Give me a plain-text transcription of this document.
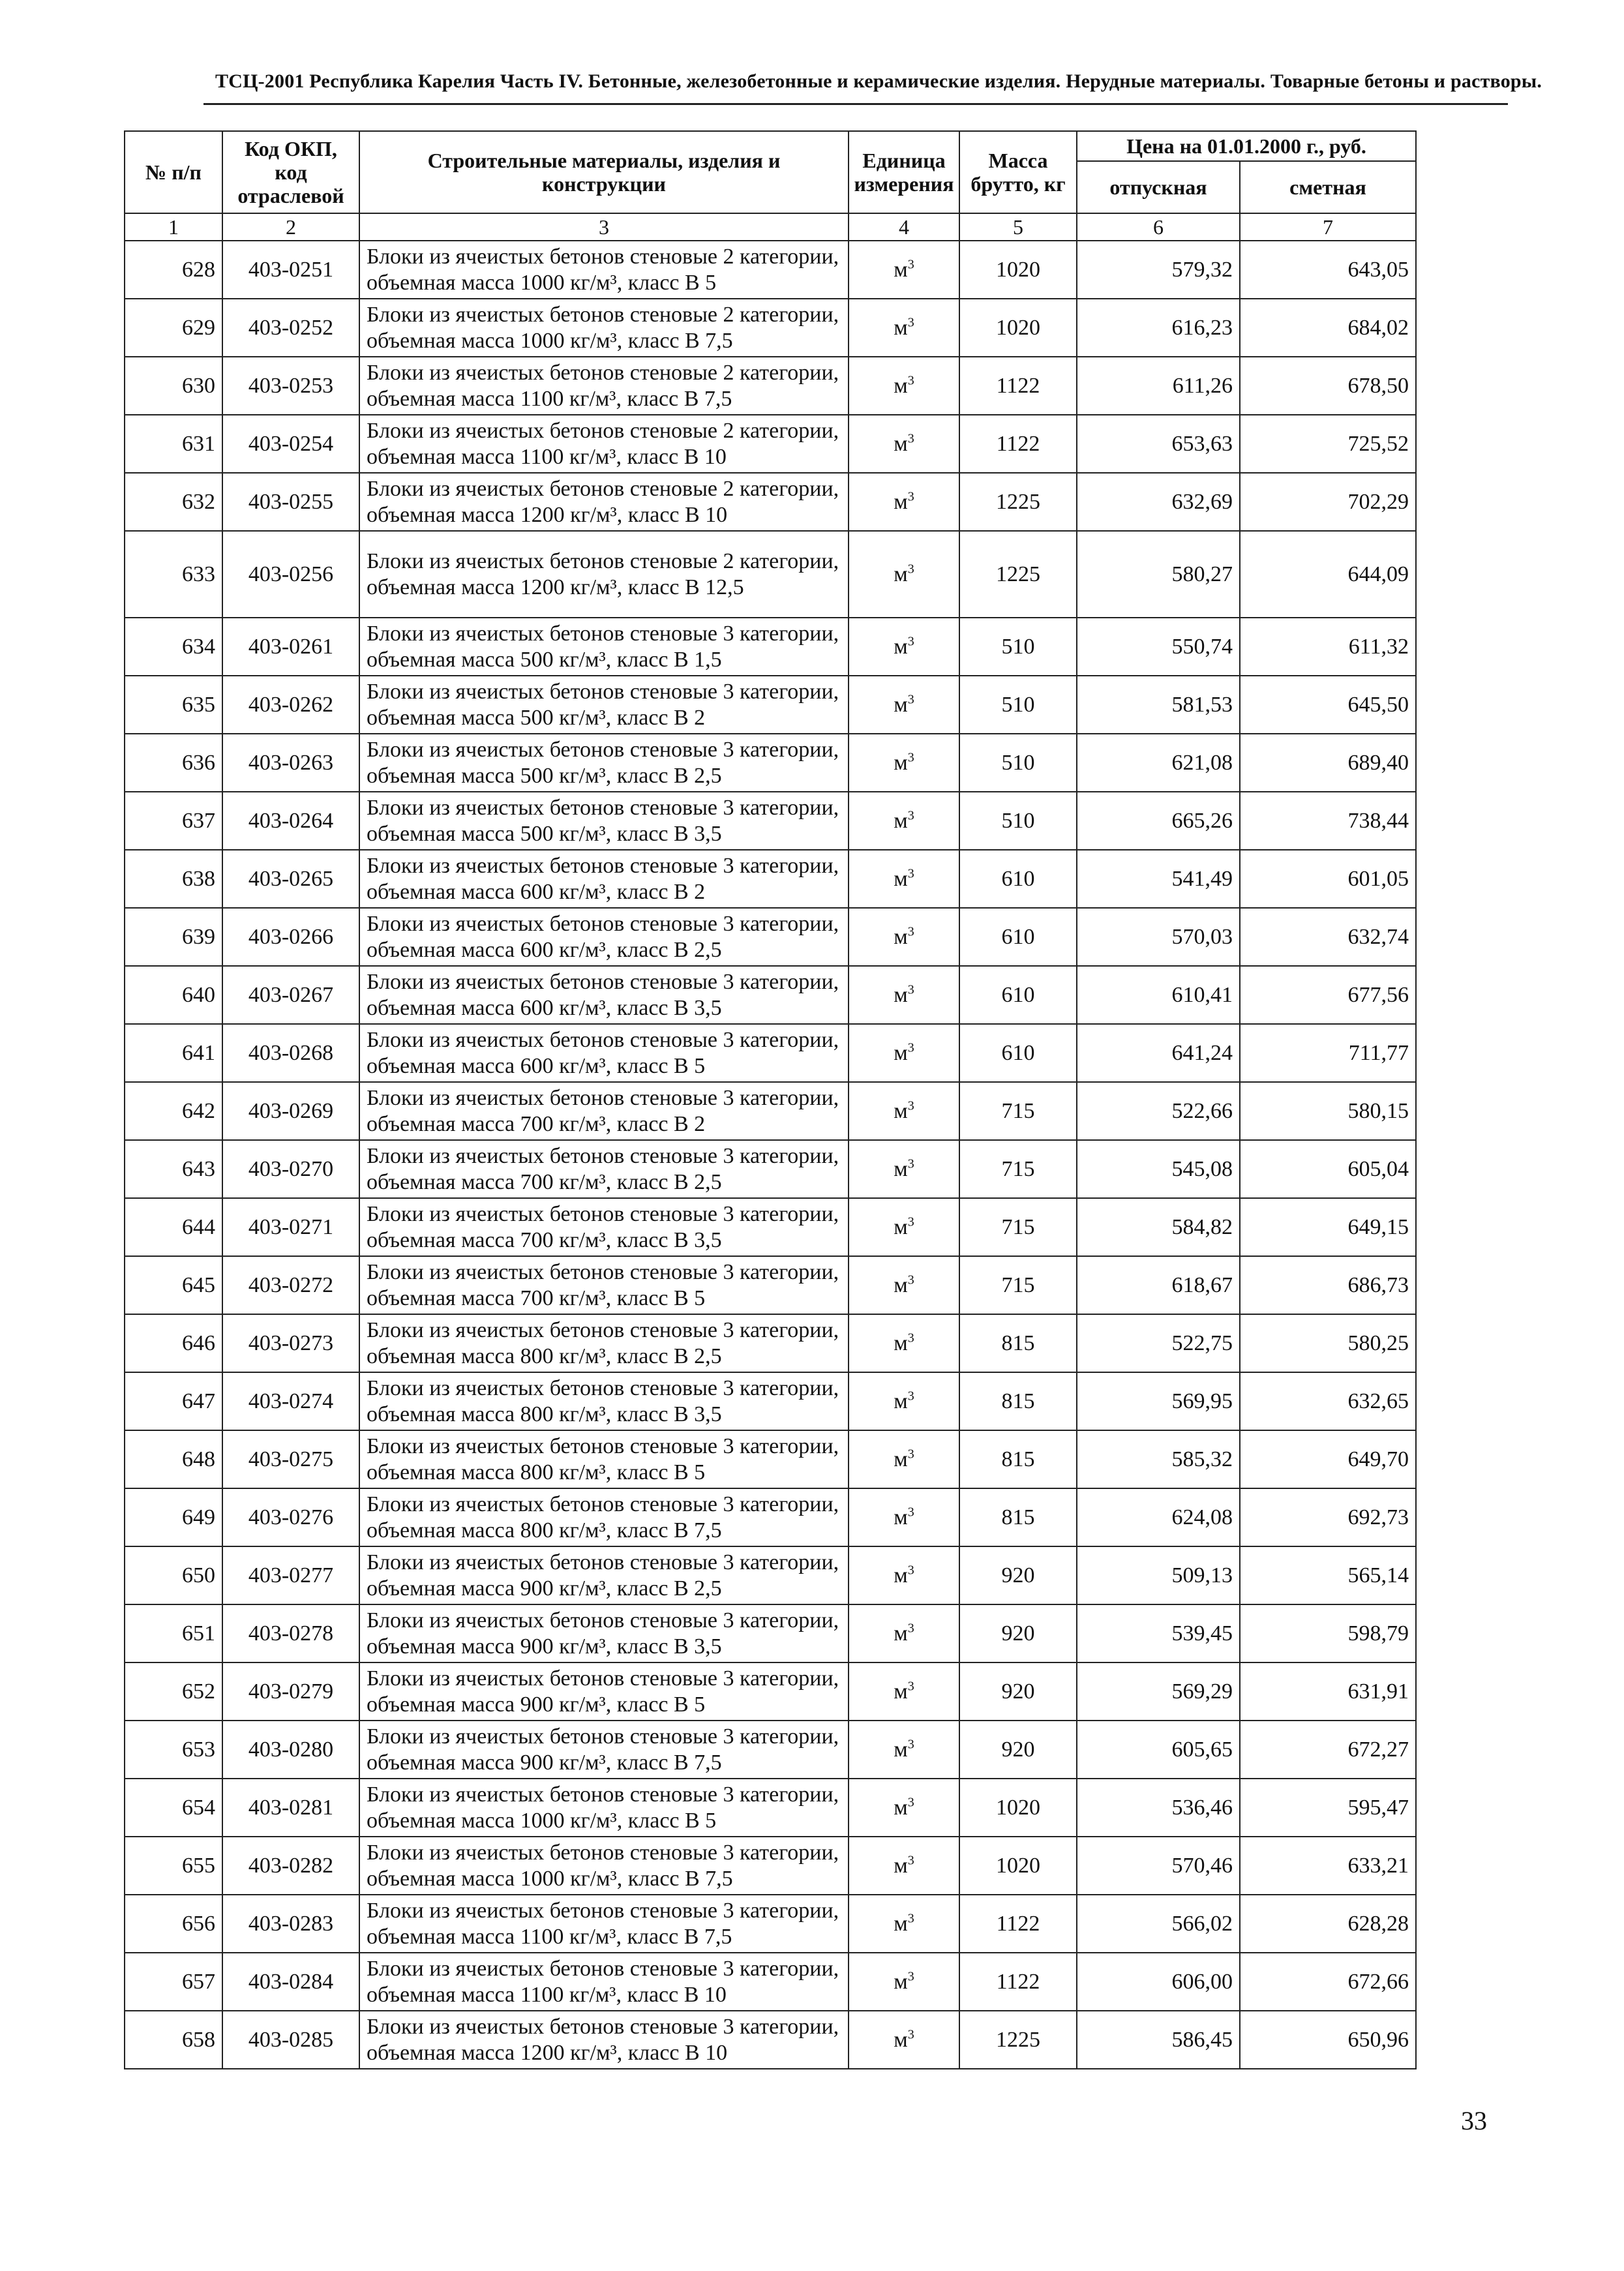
ТСЦ-2001 Республика Карелия Часть IV. Бетонные, железобетонные и керамические изделия. Нерудные материалы. Товарные бетоны и растворы.
№ п/п	Код ОКП, код отраслевой	Строительные материалы, изделия и конструкции	Единица измерения	Масса брутто, кг	Цена на 01.01.2000 г., руб.	
					отпускная	сметная
1	2	3	4	5	6	7
628	403-0251	Блоки из ячеистых бетонов стеновые 2 категории, объемная масса 1000 кг/м³, класс В 5	$м^3$	1020	579,32	643,05
629	403-0252	Блоки из ячеистых бетонов стеновые 2 категории, объемная масса 1000 кг/м³, класс В 7,5	$м^3$	1020	616,23	684,02
630	403-0253	Блоки из ячеистых бетонов стеновые 2 категории, объемная масса 1100 кг/м³, класс В 7,5	$м^3$	1122	611,26	678,50
631	403-0254	Блоки из ячеистых бетонов стеновые 2 категории, объемная масса 1100 кг/м³, класс В 10	$м^3$	1122	653,63	725,52
632	403-0255	Блоки из ячеистых бетонов стеновые 2 категории, объемная масса 1200 кг/м³, класс В 10	$м^3$	1225	632,69	702,29
633	403-0256	Блоки из ячеистых бетонов стеновые 2 категории, объемная масса 1200 кг/м³, класс В 12,5	$м^3$	1225	580,27	644,09
634	403-0261	Блоки из ячеистых бетонов стеновые 3 категории, объемная масса 500 кг/м³, класс В 1,5	$м^3$	510	550,74	611,32
635	403-0262	Блоки из ячеистых бетонов стеновые 3 категории, объемная масса 500 кг/м³, класс В 2	$м^3$	510	581,53	645,50
636	403-0263	Блоки из ячеистых бетонов стеновые 3 категории, объемная масса 500 кг/м³, класс В 2,5	$м^3$	510	621,08	689,40
637	403-0264	Блоки из ячеистых бетонов стеновые 3 категории, объемная масса 500 кг/м³, класс В 3,5	$м^3$	510	665,26	738,44
638	403-0265	Блоки из ячеистых бетонов стеновые 3 категории, объемная масса 600 кг/м³, класс В 2	$м^3$	610	541,49	601,05
639	403-0266	Блоки из ячеистых бетонов стеновые 3 категории, объемная масса 600 кг/м³, класс В 2,5	$м^3$	610	570,03	632,74
640	403-0267	Блоки из ячеистых бетонов стеновые 3 категории, объемная масса 600 кг/м³, класс В 3,5	$м^3$	610	610,41	677,56
641	403-0268	Блоки из ячеистых бетонов стеновые 3 категории, объемная масса 600 кг/м³, класс В 5	$м^3$	610	641,24	711,77
642	403-0269	Блоки из ячеистых бетонов стеновые 3 категории, объемная масса 700 кг/м³, класс В 2	$м^3$	715	522,66	580,15
643	403-0270	Блоки из ячеистых бетонов стеновые 3 категории, объемная масса 700 кг/м³, класс В 2,5	$м^3$	715	545,08	605,04
644	403-0271	Блоки из ячеистых бетонов стеновые 3 категории, объемная масса 700 кг/м³, класс В 3,5	$м^3$	715	584,82	649,15
645	403-0272	Блоки из ячеистых бетонов стеновые 3 категории, объемная масса 700 кг/м³, класс В 5	$м^3$	715	618,67	686,73
646	403-0273	Блоки из ячеистых бетонов стеновые 3 категории, объемная масса 800 кг/м³, класс В 2,5	$м^3$	815	522,75	580,25
647	403-0274	Блоки из ячеистых бетонов стеновые 3 категории, объемная масса 800 кг/м³, класс В 3,5	$м^3$	815	569,95	632,65
648	403-0275	Блоки из ячеистых бетонов стеновые 3 категории, объемная масса 800 кг/м³, класс В 5	$м^3$	815	585,32	649,70
649	403-0276	Блоки из ячеистых бетонов стеновые 3 категории, объемная масса 800 кг/м³, класс В 7,5	$м^3$	815	624,08	692,73
650	403-0277	Блоки из ячеистых бетонов стеновые 3 категории, объемная масса 900 кг/м³, класс В 2,5	$м^3$	920	509,13	565,14
651	403-0278	Блоки из ячеистых бетонов стеновые 3 категории, объемная масса 900 кг/м³, класс В 3,5	$м^3$	920	539,45	598,79
652	403-0279	Блоки из ячеистых бетонов стеновые 3 категории, объемная масса 900 кг/м³, класс В 5	$м^3$	920	569,29	631,91
653	403-0280	Блоки из ячеистых бетонов стеновые 3 категории, объемная масса 900 кг/м³, класс В 7,5	$м^3$	920	605,65	672,27
654	403-0281	Блоки из ячеистых бетонов стеновые 3 категории, объемная масса 1000 кг/м³, класс В 5	$м^3$	1020	536,46	595,47
655	403-0282	Блоки из ячеистых бетонов стеновые 3 категории, объемная масса 1000 кг/м³, класс В 7,5	$м^3$	1020	570,46	633,21
656	403-0283	Блоки из ячеистых бетонов стеновые 3 категории, объемная масса 1100 кг/м³, класс В 7,5	$м^3$	1122	566,02	628,28
657	403-0284	Блоки из ячеистых бетонов стеновые 3 категории, объемная масса 1100 кг/м³, класс В 10	$м^3$	1122	606,00	672,66
658	403-0285	Блоки из ячеистых бетонов стеновые 3 категории, объемная масса 1200 кг/м³, класс В 10	$м^3$	1225	586,45	650,96
33
